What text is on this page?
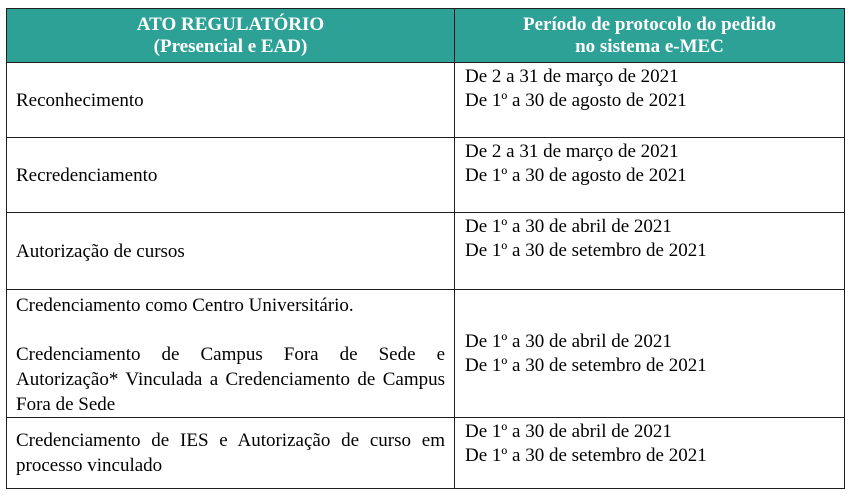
ATO REGULATÓRIO
(Presencial e EAD)	Período de protocolo do pedido
no sistema e-MEC

Reconhecimento	De 2 a 31 de março de 2021
De 1º a 30 de agosto de 2021

Recredenciamento	De 2 a 31 de março de 2021
De 1º a 30 de agosto de 2021

Autorização de cursos	De 1º a 30 de abril de 2021
De 1º a 30 de setembro de 2021

Credenciamento como Centro Universitário.
Credenciamento de Campus Fora de Sede e Autorização* Vinculada a Credenciamento de Campus Fora de Sede	De 1º a 30 de abril de 2021
De 1º a 30 de setembro de 2021

Credenciamento de IES e Autorização de curso em processo vinculado	De 1º a 30 de abril de 2021
De 1º a 30 de setembro de 2021
